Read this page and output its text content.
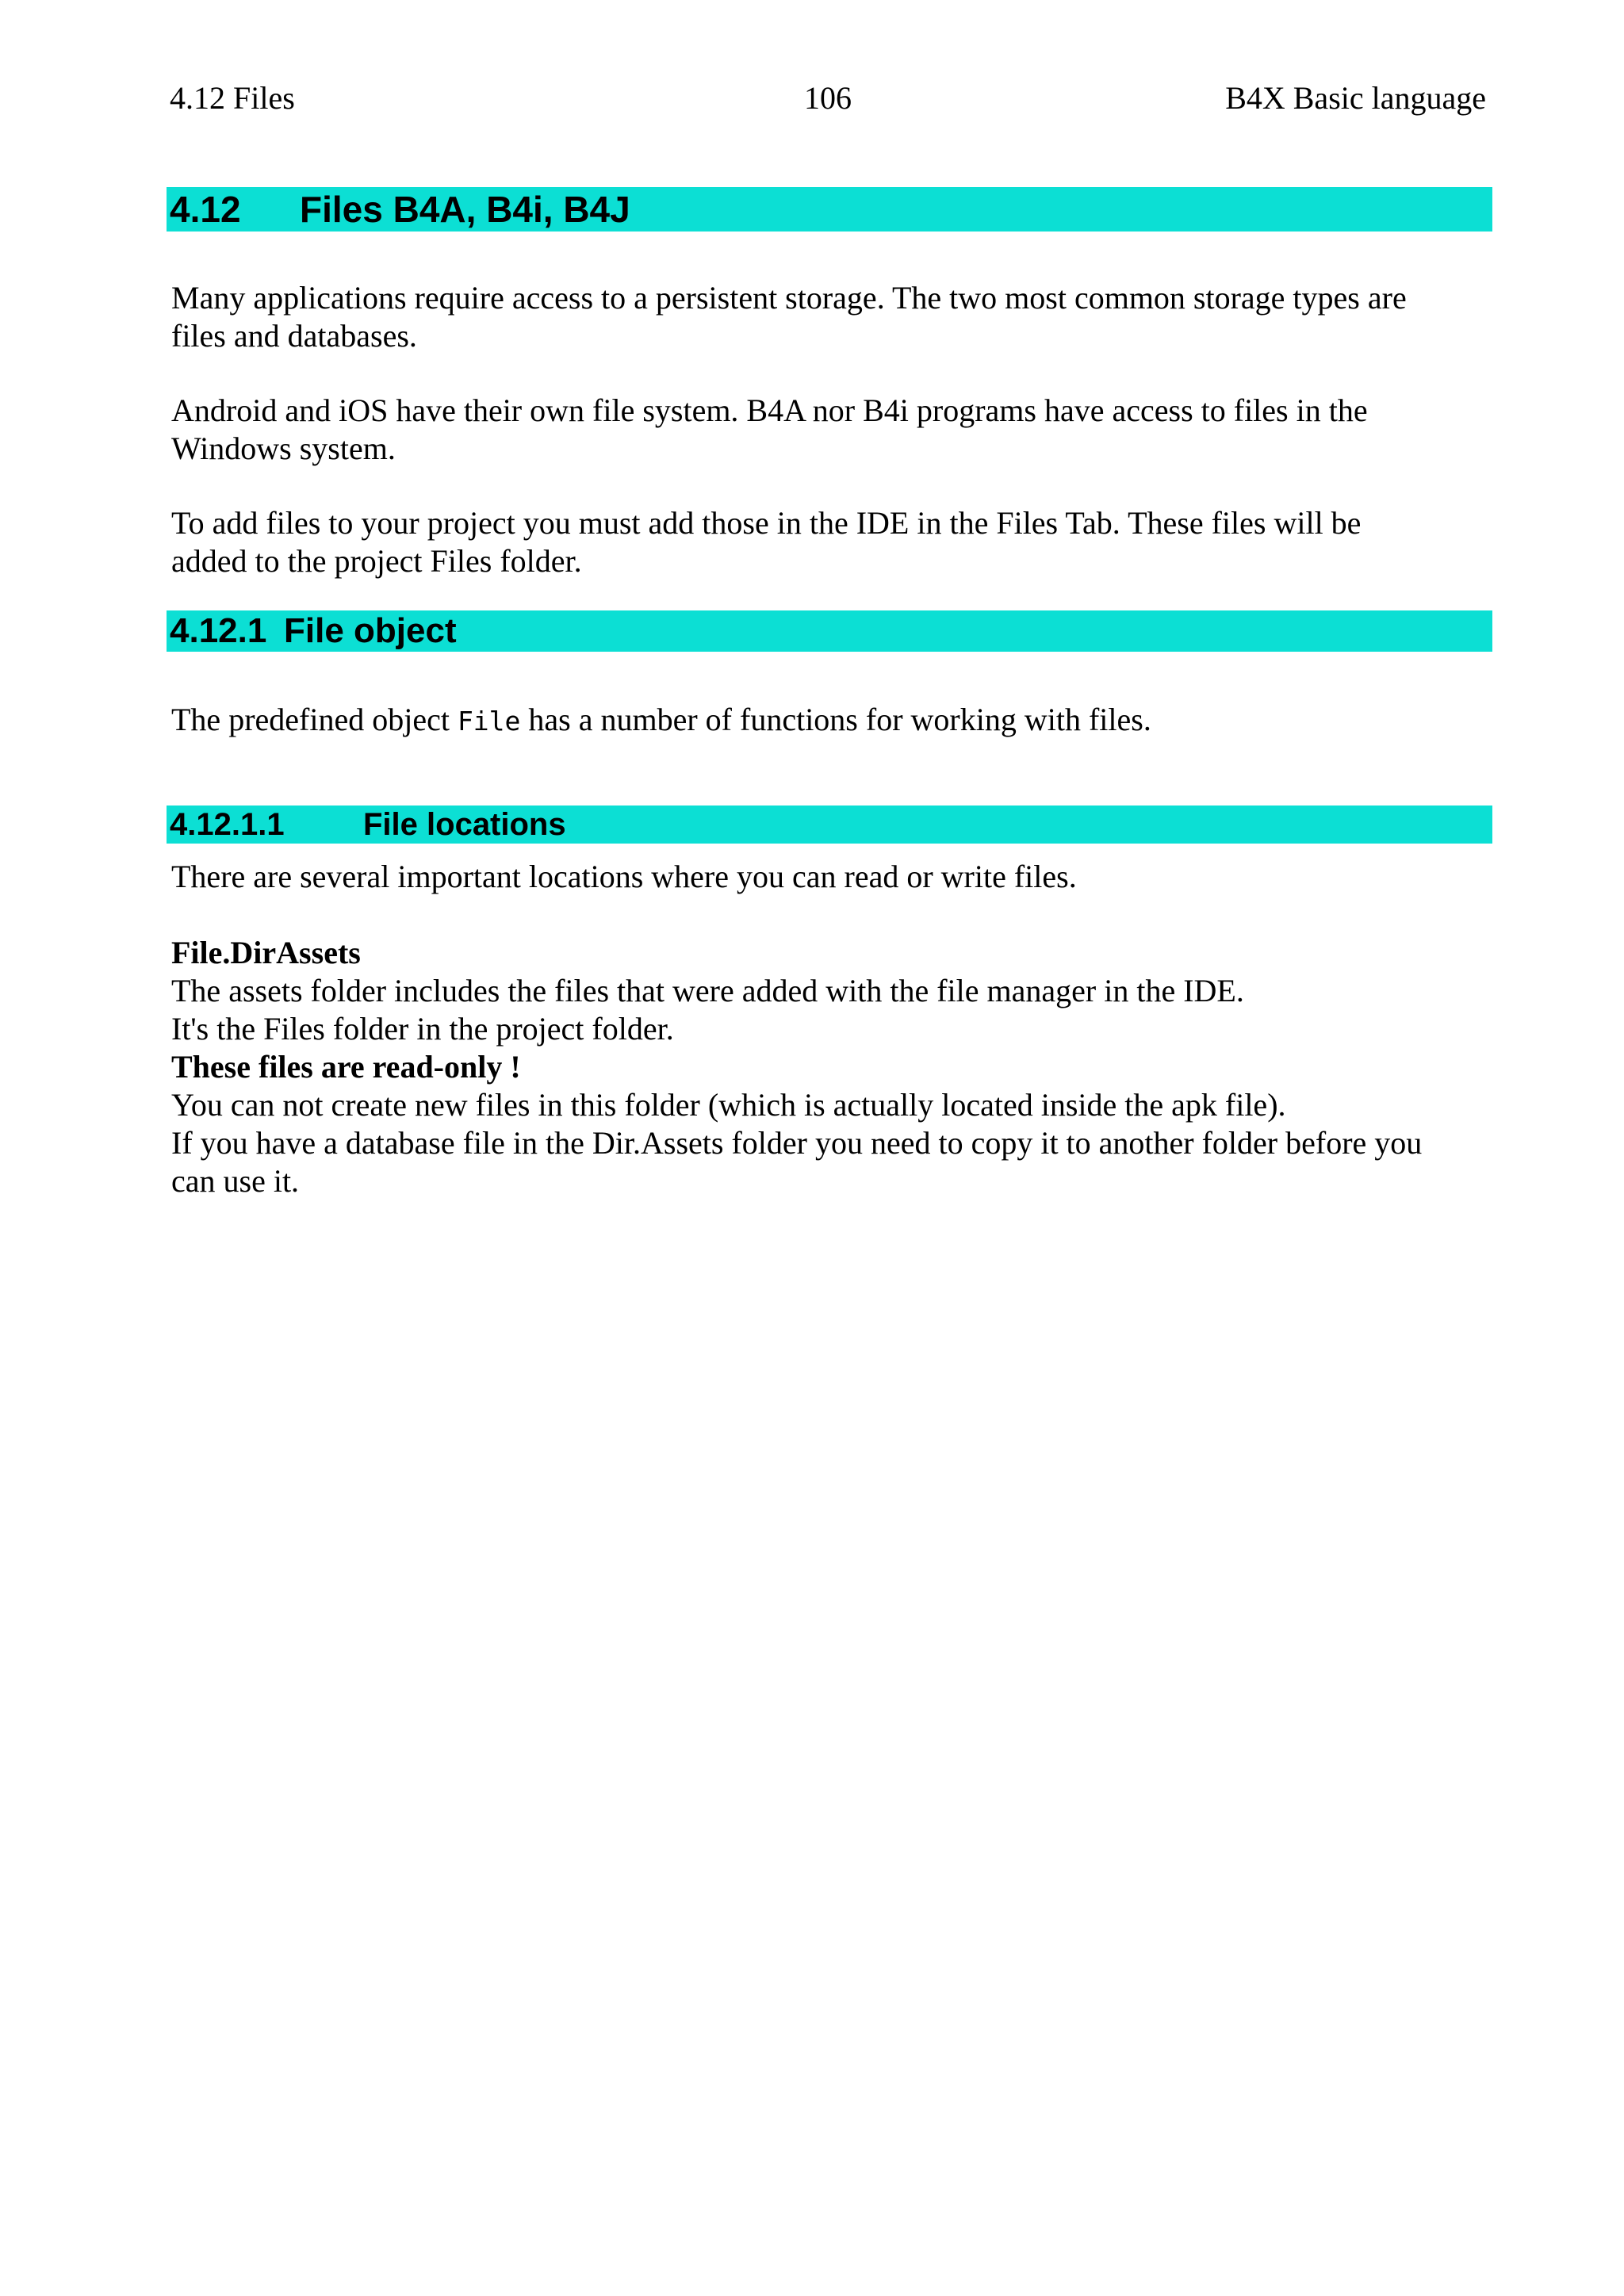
4.12 Files	106	B4X Basic language
4.12 Files B4A, B4i, B4J

Many applications require access to a persistent storage. The two most common storage types are
files and databases.

Android and iOS have their own file system. B4A nor B4i programs have access to files in the
Windows system.

To add files to your project you must add those in the IDE in the Files Tab. These files will be
added to the project Files folder.

4.12.1 File object

The predefined object File has a number of functions for working with files.

4.12.1.1 File locations

There are several important locations where you can read or write files.

File.DirAssets
The assets folder includes the files that were added with the file manager in the IDE.
It's the Files folder in the project folder.
These files are read-only !
You can not create new files in this folder (which is actually located inside the apk file).
If you have a database file in the Dir.Assets folder you need to copy it to another folder before you
can use it.
